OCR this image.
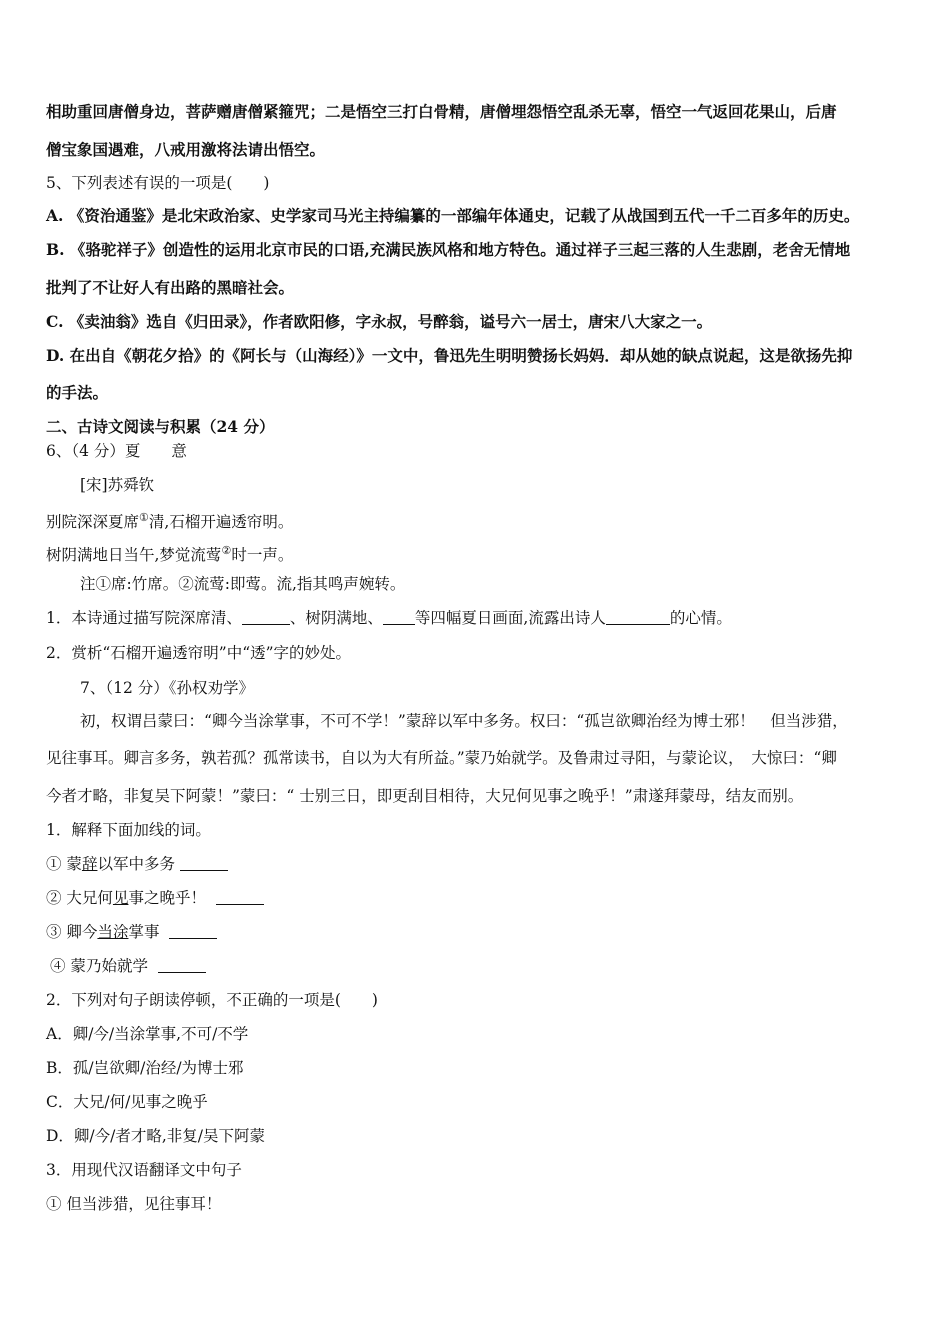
相助重回唐僧身边，菩萨赠唐僧紧箍咒；二是悟空三打白骨精，唐僧埋怨悟空乱杀无辜，悟空一气返回花果山，后唐
僧宝象国遇难，八戒用激将法请出悟空。
5、下列表述有误的一项是(　　)
A. 《资治通鉴》是北宋政治家、史学家司马光主持编纂的一部编年体通史，记载了从战国到五代一千二百多年的历史。
B. 《骆驼祥子》创造性的运用北京市民的口语,充满民族风格和地方特色。通过祥子三起三落的人生悲剧，老舍无情地
批判了不让好人有出路的黑暗社会。
C. 《卖油翁》选自《归田录》，作者欧阳修，字永叔，号醉翁，谥号六一居士，唐宋八大家之一。
D. 在出自《朝花夕拾》的《阿长与（山海经）》一文中，鲁迅先生明明赞扬长妈妈．却从她的缺点说起，这是欲扬先抑
的手法。
二、古诗文阅读与积累（24 分）
6、（4 分）夏　　意
[宋]苏舜钦
别院深深夏席①清,石榴开遍透帘明。
树阴满地日当午,梦觉流莺②时一声。
注①席:竹席。②流莺:即莺。流,指其鸣声婉转。
1．本诗通过描写院深席清、	、树阴满地、 等四幅夏日画面,流露出诗人	的心情。
2．赏析“石榴开遍透帘明”中“透”字的妙处。
7、（12 分）《孙权劝学》
初，权谓吕蒙曰：“卿今当涂掌事，不可不学！”蒙辞以军中多务。权曰：“孤岂欲卿治经为博士邪！　但当涉猎，
见往事耳。卿言多务，孰若孤？孤常读书，自以为大有所益。”蒙乃始就学。及鲁肃过寻阳，与蒙论议，　大惊曰：“卿
今者才略，非复吴下阿蒙！”蒙曰：“ 士别三日，即更刮目相待，大兄何见事之晚乎！”肃遂拜蒙母，结友而别。
1．解释下面加线的词。
① 蒙辞以军中多务
② 大兄何见事之晚乎！
③ 卿今当涂掌事
④ 蒙乃始就学
2．下列对句子朗读停顿，不正确的一项是(　　)
A．卿/今/当涂掌事,不可/不学
B．孤/岂欲卿/治经/为博士邪
C．大兄/何/见事之晚乎
D．卿/今/者才略,非复/吴下阿蒙
3．用现代汉语翻译文中句子
① 但当涉猎，见往事耳！
